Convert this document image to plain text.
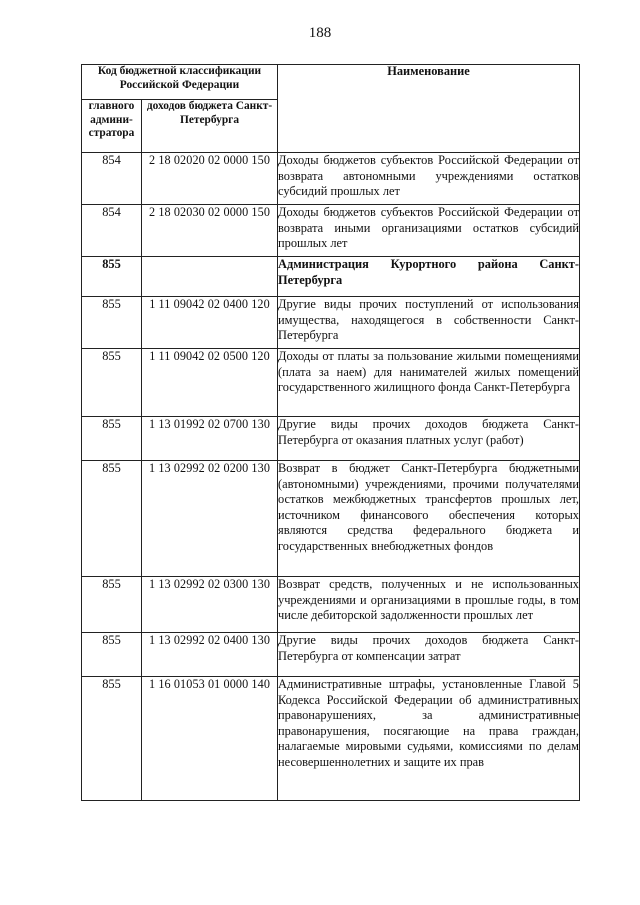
188
Код бюджетной классификации Российской Федерации		Наименование
главного админи-стратора	доходов бюджета Санкт-Петербурга	
854	2 18 02020 02 0000 150	Доходы бюджетов субъектов Российской Федерации от возврата автономными учреждениями остатков субсидий прошлых лет
854	2 18 02030 02 0000 150	Доходы бюджетов субъектов Российской Федерации от возврата иными организациями остатков субсидий прошлых лет
855		Администрация Курортного района Санкт-Петербурга
855	1 11 09042 02 0400 120	Другие виды прочих поступлений от использования имущества, находящегося в собственности Санкт-Петербурга
855	1 11 09042 02 0500 120	Доходы от платы за пользование жилыми помещениями (плата за наем) для нанимателей жилых помещений государственного жилищного фонда Санкт-Петербурга
855	1 13 01992 02 0700 130	Другие виды прочих доходов бюджета Санкт-Петербурга от оказания платных услуг (работ)
855	1 13 02992 02 0200 130	Возврат в бюджет Санкт-Петербурга бюджетными (автономными) учреждениями, прочими получателями остатков межбюджетных трансфертов прошлых лет, источником финансового обеспечения которых являются средства федерального бюджета и государственных внебюджетных фондов
855	1 13 02992 02 0300 130	Возврат средств, полученных и не использованных учреждениями и организациями в прошлые годы, в том числе дебиторской задолженности прошлых лет
855	1 13 02992 02 0400 130	Другие виды прочих доходов бюджета Санкт-Петербурга от компенсации затрат
855	1 16 01053 01 0000 140	Административные штрафы, установленные Главой 5 Кодекса Российской Федерации об административных правонарушениях, за административные правонарушения, посягающие на права граждан, налагаемые мировыми судьями, комиссиями по делам несовершеннолетних и защите их прав
